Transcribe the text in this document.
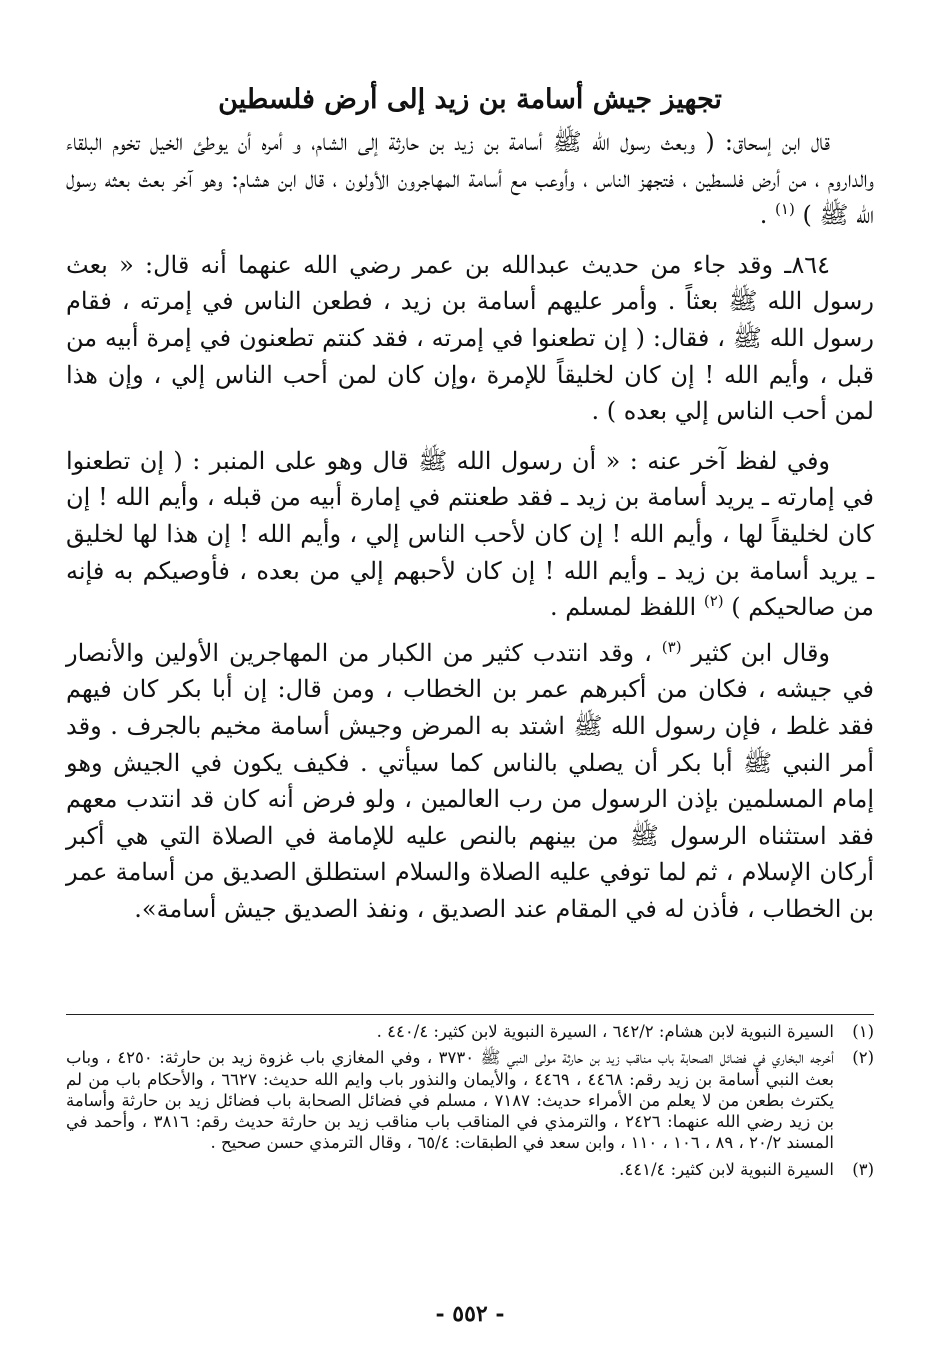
تجهيز جيش أسامة بن زيد إلى أرض فلسطين

قال ابن إسحاق: ( وبعث رسول الله ﷺ أسامة بن زيد بن حارثة إلى الشام، و أمره أن يوطئ الخيل تخوم البلقاء والداروم ، من أرض فلسطين ، فتجهز الناس ، وأوعب مع أسامة المهاجرون الأولون ، قال ابن هشام: وهو آخر بعث بعثه رسول الله ﷺ ) $^{(١)}$ .

٨٦٤ـ وقد جاء من حديث عبدالله بن عمر رضي الله عنهما أنه قال: « بعث رسول الله ﷺ بعثاً . وأمر عليهم أسامة بن زيد ، فطعن الناس في إمرته ، فقام رسول الله ﷺ ، فقال: ( إن تطعنوا في إمرته ، فقد كنتم تطعنون في إمرة أبيه من قبل ، وأيم الله ! إن كان لخليقاً للإمرة ،وإن كان لمن أحب الناس إلي ، وإن هذا لمن أحب الناس إلي بعده ) .

وفي لفظ آخر عنه : « أن رسول الله ﷺ قال وهو على المنبر : ( إن تطعنوا في إمارته ـ يريد أسامة بن زيد ـ فقد طعنتم في إمارة أبيه من قبله ، وأيم الله ! إن كان لخليقاً لها ، وأيم الله ! إن كان لأحب الناس إلي ، وأيم الله ! إن هذا لها لخليق ـ يريد أسامة بن زيد ـ وأيم الله ! إن كان لأحبهم إلي من بعده ، فأوصيكم به فإنه من صالحيكم ) $^{(٢)}$ اللفظ لمسلم .

وقال ابن كثير $^{(٣)}$ ، وقد انتدب كثير من الكبار من المهاجرين الأولين والأنصار في جيشه ، فكان من أكبرهم عمر بن الخطاب ، ومن قال: إن أبا بكر كان فيهم فقد غلط ، فإن رسول الله ﷺ اشتد به المرض وجيش أسامة مخيم بالجرف . وقد أمر النبي ﷺ أبا بكر أن يصلي بالناس كما سيأتي . فكيف يكون في الجيش وهو إمام المسلمين بإذن الرسول من رب العالمين ، ولو فرض أنه كان قد انتدب معهم فقد استثناه الرسول ﷺ من بينهم بالنص عليه للإمامة في الصلاة التي هي أكبر أركان الإسلام ، ثم لما توفي عليه الصلاة والسلام استطلق الصديق من أسامة عمر بن الخطاب ، فأذن له في المقام عند الصديق ، ونفذ الصديق جيش أسامة».

(١)السيرة النبوية لابن هشام: ٦٤٢/٢ ، السيرة النبوية لابن كثير: ٤٤٠/٤ .

(٢)أخرجه البخاري في فضائل الصحابة باب مناقب زيد بن حارثة مولى النبي ﷺ ٣٧٣٠ ، وفي المغازي باب غزوة زيد بن حارثة: ٤٢٥٠ ، وباب بعث النبي أسامة بن زيد رقم: ٤٤٦٨ ، ٤٤٦٩ ، والأيمان والنذور باب وايم الله حديث: ٦٦٢٧ ، والأحكام باب من لم يكترث بطعن من لا يعلم من الأمراء حديث: ٧١٨٧ ، مسلم في فضائل الصحابة باب فضائل زيد بن حارثة وأسامة بن زيد رضي الله عنهما: ٢٤٢٦ ، والترمذي في المناقب باب مناقب زيد بن حارثة حديث رقم: ٣٨١٦ ، وأحمد في المسند ٢٠/٢ ، ٨٩ ، ١٠٦ ، ١١٠ ، وابن سعد في الطبقات: ٦٥/٤ ، وقال الترمذي حسن صحيح .

(٣)السيرة النبوية لابن كثير: ٤٤١/٤.

- ٥٥٢ -
